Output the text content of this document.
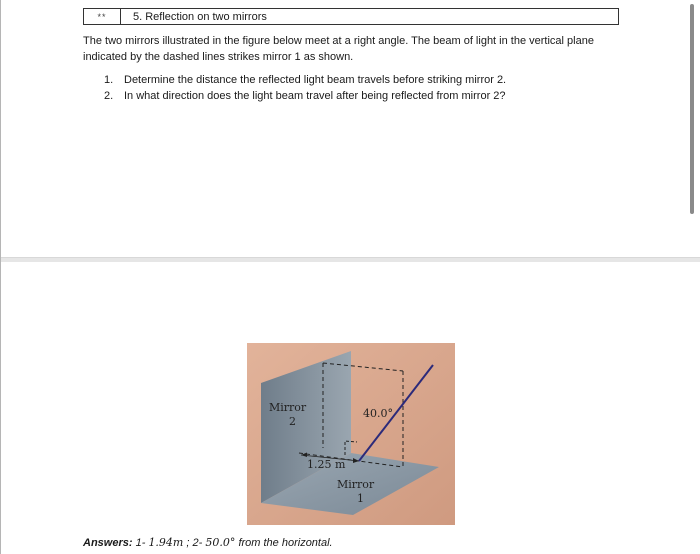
**	5. Reflection on two mirrors
The two mirrors illustrated in the figure below meet at a right angle. The beam of light in the vertical plane indicated by the dashed lines strikes mirror 1 as shown.
1. Determine the distance the reflected light beam travels before striking mirror 2.
2. In what direction does the light beam travel after being reflected from mirror 2?
Mirror
2
40.0°
1.25 m
Mirror
1
Answers: 1- 1.94m ; 2- 50.0° from the horizontal.
